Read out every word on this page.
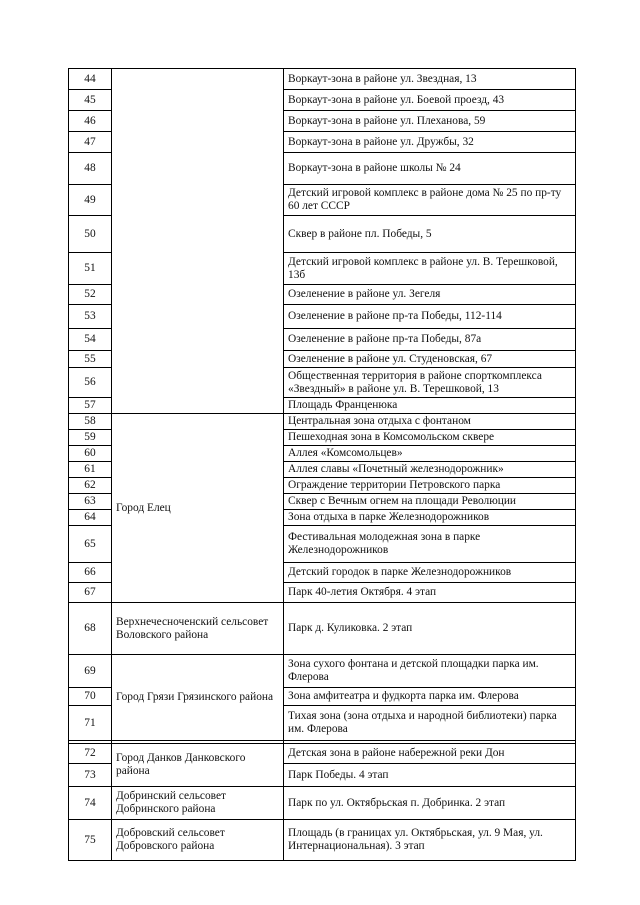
44		Воркаут-зона в районе ул. Звездная, 13
45		Воркаут-зона в районе ул. Боевой проезд, 43
46		Воркаут-зона в районе ул. Плеханова, 59
47		Воркаут-зона в районе ул. Дружбы, 32
48		Воркаут-зона в районе школы № 24
49		Детский игровой комплекс в районе дома № 25 по пр-ту 60 лет СССР
50		Сквер в районе пл. Победы, 5
51		Детский игровой комплекс в районе ул. В. Терешковой, 13б
52		Озеленение в районе ул. Зегеля
53		Озеленение в районе пр-та Победы, 112-114
54		Озеленение в районе пр-та Победы, 87а
55		Озеленение в районе ул. Студеновская, 67
56		Общественная территория в районе спорткомплекса «Звездный» в районе ул. В. Терешковой, 13
57		Площадь Франценюка
58	Город Елец	Центральная зона отдыха с фонтаном
59		Пешеходная зона в Комсомольском сквере
60		Аллея «Комсомольцев»
61		Аллея славы «Почетный железнодорожник»
62		Ограждение территории Петровского парка
63		Сквер с Вечным огнем на площади Революции
64		Зона отдыха в парке Железнодорожников
65		Фестивальная молодежная зона в парке Железнодорожников
66		Детский городок в парке Железнодорожников
67		Парк 40-летия Октября. 4 этап
68	Верхнечесноченский сельсовет Воловского района	Парк д. Куликовка. 2 этап
69	Город Грязи Грязинского района	Зона сухого фонтана и детской площадки парка им. Флерова
70		Зона амфитеатра и фудкорта парка им. Флерова
71		Тихая зона (зона отдыха и народной библиотеки) парка им. Флерова

72	Город Данков Данковского района	Детская зона в районе набережной реки Дон
73		Парк Победы. 4 этап
74	Добринский сельсовет Добринского района	Парк по ул. Октябрьская п. Добринка. 2 этап
75	Добровский сельсовет Добровского района	Площадь (в границах ул. Октябрьская, ул. 9 Мая, ул. Интернациональная). 3 этап
